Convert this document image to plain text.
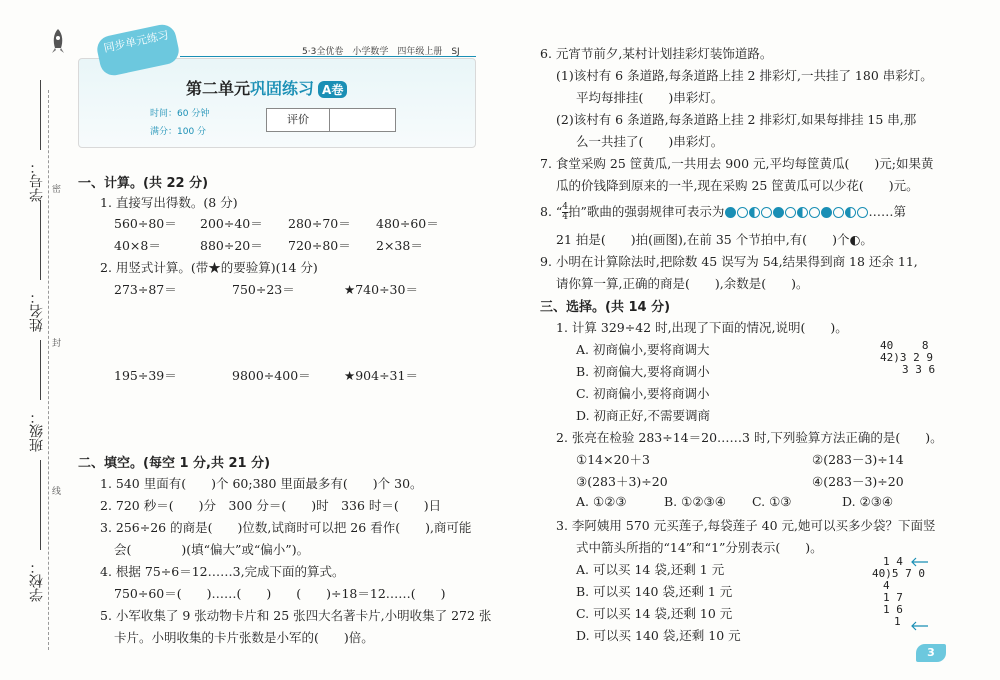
学号：
姓名：
班级：
学校：
密
封
线
5·3全优卷　小学数学　四年级上册　SJ
同步单元练习
第二单元巩固练习 A卷
时间：60 分钟
满分：100 分
评价
一、计算。(共 22 分)
1. 直接写出得数。(8 分)
560÷80＝ 200÷40＝ 280÷70＝ 480÷60＝
40×8＝	880÷20＝ 720÷80＝ 2×38＝
2. 用竖式计算。(带★的要验算)(14 分)
273÷87＝	750÷23＝	★740÷30＝
195÷39＝	9800÷400＝	★904÷31＝
二、填空。(每空 1 分,共 21 分)
1. 540 里面有(　　)个 60;380 里面最多有(　　)个 30。
2. 720 秒＝(　　)分　300 分＝(　　)时　336 时＝(　　)日
3. 256÷26 的商是(　　)位数,试商时可以把 26 看作(　　),商可能
会(　　　　)(填“偏大”或“偏小”)。
4. 根据 75÷6＝12……3,完成下面的算式。
750÷60＝(　　)……(　　)　　(　　)÷18＝12……(　　)
5. 小军收集了 9 张动物卡片和 25 张四大名著卡片,小明收集了 272 张
卡片。小明收集的卡片张数是小军的(　　)倍。
6. 元宵节前夕,某村计划挂彩灯装饰道路。
(1)该村有 6 条道路,每条道路上挂 2 排彩灯,一共挂了 180 串彩灯。
平均每排挂(　　)串彩灯。
(2)该村有 6 条道路,每条道路上挂 2 排彩灯,如果每排挂 15 串,那
么一共挂了(　　)串彩灯。
7. 食堂采购 25 筐黄瓜,一共用去 900 元,平均每筐黄瓜(　　)元;如果黄
瓜的价钱降到原来的一半,现在采购 25 筐黄瓜可以少花(　　)元。
8. “ $\frac{4}{4}$ 拍”歌曲的强弱规律可表示为	……第
21 拍是(　　)拍(画图),在前 35 个节拍中,有(　　)个◐。
9. 小明在计算除法时,把除数 45 误写为 54,结果得到商 18 还余 11,
请你算一算,正确的商是(　　),余数是(　　)。
三、选择。(共 14 分)
1. 计算 329÷42 时,出现了下面的情况,说明(　　)。
A. 初商偏小,要将商调大
B. 初商偏大,要将商调小
C. 初商偏小,要将商调小
D. 初商正好,不需要调商
40　　 8
42)3 2 9
　　3 3 6
2. 张亮在检验 283÷14＝20……3 时,下列验算方法正确的是(　　)。
①14×20＋3	②(283－3)÷14
③(283＋3)÷20	④(283－3)÷20
A. ①②③	B. ①②③④ C. ①③	D. ②③④
3. 李阿姨用 570 元买莲子,每袋莲子 40 元,她可以买多少袋？下面竖
式中箭头所指的“14”和“1”分别表示(　　)。
A. 可以买 14 袋,还剩 1 元
B. 可以买 140 袋,还剩 1 元
C. 可以买 14 袋,还剩 10 元
D. 可以买 140 袋,还剩 10 元
　1 4
40)5 7 0
　4
　1 7
　1 6
　　1
3
